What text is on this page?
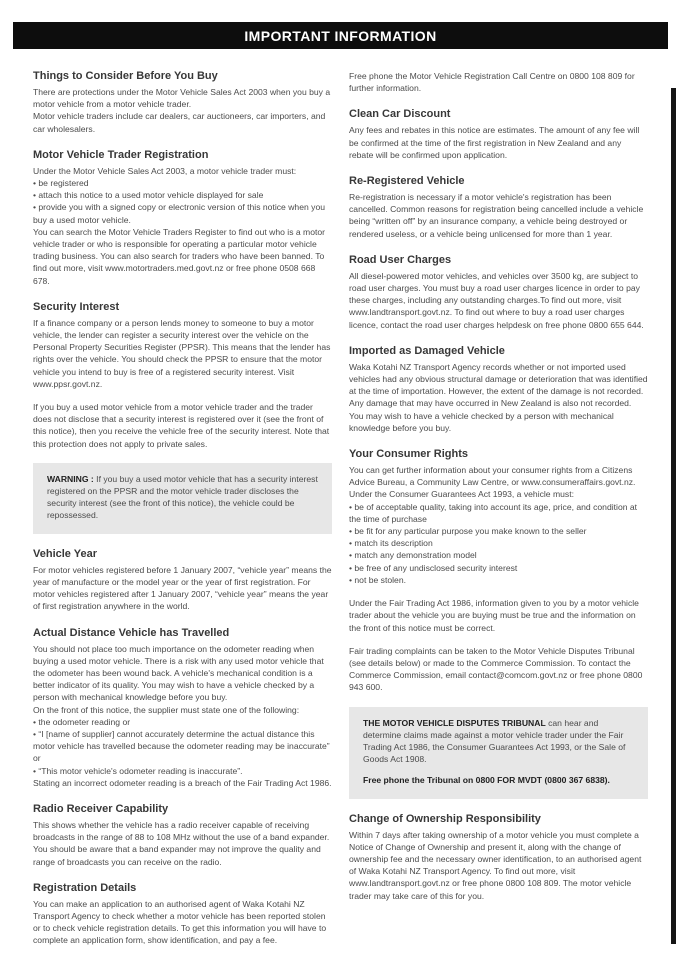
IMPORTANT INFORMATION
Things to Consider Before You Buy

There are protections under the Motor Vehicle Sales Act 2003 when you buy a motor vehicle from a motor vehicle trader.

Motor vehicle traders include car dealers, car auctioneers, car importers, and car wholesalers.

Motor Vehicle Trader Registration

Under the Motor Vehicle Sales Act 2003, a motor vehicle trader must:

• be registered

• attach this notice to a used motor vehicle displayed for sale

• provide you with a signed copy or electronic version of this notice when you buy a used motor vehicle.

You can search the Motor Vehicle Traders Register to find out who is a motor vehicle trader or who is responsible for operating a particular motor vehicle trading business. You can also search for traders who have been banned. To find out more, visit www.motortraders.med.govt.nz or free phone 0508 668 678.

Security Interest

If a finance company or a person lends money to someone to buy a motor vehicle, the lender can register a security interest over the vehicle on the Personal Property Securities Register (PPSR). This means that the lender has rights over the vehicle. You should check the PPSR to ensure that the motor vehicle you intend to buy is free of a registered security interest. Visit www.ppsr.govt.nz.

If you buy a used motor vehicle from a motor vehicle trader and the trader does not disclose that a security interest is registered over it (see the front of this notice), then you receive the vehicle free of the security interest. Note that this protection does not apply to private sales.

WARNING : If you buy a used motor vehicle that has a security interest registered on the PPSR and the motor vehicle trader discloses the security interest (see the front of this notice), the vehicle could be repossessed.

Vehicle Year

For motor vehicles registered before 1 January 2007, “vehicle year” means the year of manufacture or the model year or the year of first registration. For motor vehicles registered after 1 January 2007, “vehicle year” means the year of first registration anywhere in the world.

Actual Distance Vehicle has Travelled

You should not place too much importance on the odometer reading when buying a used motor vehicle. There is a risk with any used motor vehicle that the odometer has been wound back. A vehicle's mechanical condition is a better indicator of its quality. You may wish to have a vehicle checked by a person with mechanical knowledge before you buy.

On the front of this notice, the supplier must state one of the following:

• the odometer reading or

• “I [name of supplier] cannot accurately determine the actual distance this motor vehicle has travelled because the odometer reading may be inaccurate” or

• “This motor vehicle's odometer reading is inaccurate”.

Stating an incorrect odometer reading is a breach of the Fair Trading Act 1986.

Radio Receiver Capability

This shows whether the vehicle has a radio receiver capable of receiving broadcasts in the range of 88 to 108 MHz without the use of a band expander. You should be aware that a band expander may not improve the quality and range of broadcasts you can receive on the radio.

Registration Details

You can make an application to an authorised agent of Waka Kotahi NZ Transport Agency to check whether a motor vehicle has been reported stolen or to check vehicle registration details. To get this information you will have to complete an application form, show identification, and pay a fee.

Free phone the Motor Vehicle Registration Call Centre on 0800 108 809 for further information.

Clean Car Discount

Any fees and rebates in this notice are estimates. The amount of any fee will be confirmed at the time of the first registration in New Zealand and any rebate will be confirmed upon application.

Re-Registered Vehicle

Re-registration is necessary if a motor vehicle's registration has been cancelled. Common reasons for registration being cancelled include a vehicle being “written off” by an insurance company, a vehicle being destroyed or rendered useless, or a vehicle being unlicensed for more than 1 year.

Road User Charges

All diesel-powered motor vehicles, and vehicles over 3500 kg, are subject to road user charges. You must buy a road user charges licence in order to pay these charges, including any outstanding charges.To find out more, visit www.landtransport.govt.nz. To find out where to buy a road user charges licence, contact the road user charges helpdesk on free phone 0800 655 644.

Imported as Damaged Vehicle

Waka Kotahi NZ Transport Agency records whether or not imported used vehicles had any obvious structural damage or deterioration that was identified at the time of importation. However, the extent of the damage is not recorded. Any damage that may have occurred in New Zealand is also not recorded. You may wish to have a vehicle checked by a person with mechanical knowledge before you buy.

Your Consumer Rights

You can get further information about your consumer rights from a Citizens Advice Bureau, a Community Law Centre, or www.consumeraffairs.govt.nz.

Under the Consumer Guarantees Act 1993, a vehicle must:

• be of acceptable quality, taking into account its age, price, and condition at the time of purchase

• be fit for any particular purpose you make known to the seller

• match its description

• match any demonstration model

• be free of any undisclosed security interest

• not be stolen.

Under the Fair Trading Act 1986, information given to you by a motor vehicle trader about the vehicle you are buying must be true and the information on the front of this notice must be correct.

Fair trading complaints can be taken to the Motor Vehicle Disputes Tribunal (see details below) or made to the Commerce Commission. To contact the Commerce Commission, email contact@comcom.govt.nz or free phone 0800 943 600.

THE MOTOR VEHICLE DISPUTES TRIBUNAL can hear and determine claims made against a motor vehicle trader under the Fair Trading Act 1986, the Consumer Guarantees Act 1993, or the Sale of Goods Act 1908.

Free phone the Tribunal on 0800 FOR MVDT (0800 367 6838).

Change of Ownership Responsibility

Within 7 days after taking ownership of a motor vehicle you must complete a Notice of Change of Ownership and present it, along with the change of ownership fee and the necessary owner identification, to an authorised agent of Waka Kotahi NZ Transport Agency. To find out more, visit www.landtransport.govt.nz or free phone 0800 108 809. The motor vehicle trader may take care of this for you.
